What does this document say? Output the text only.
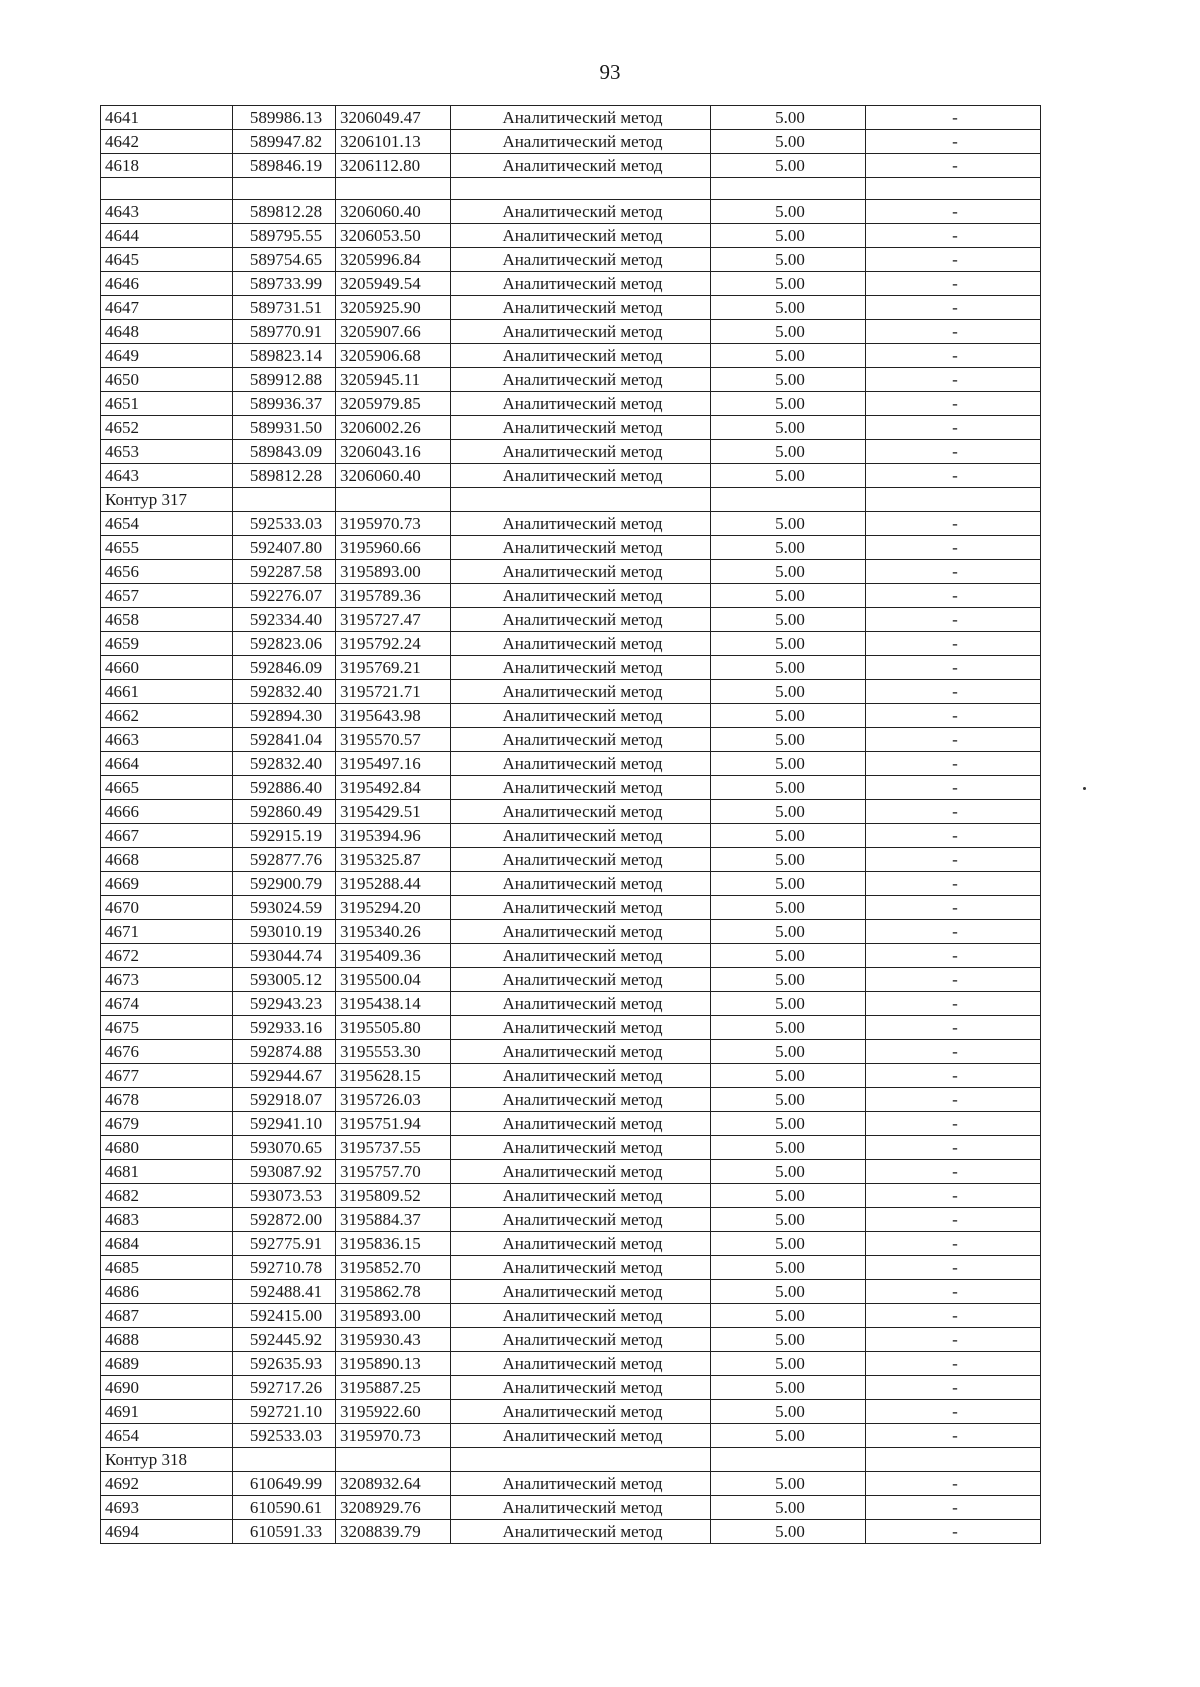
93
4641	589986.13	3206049.47	Аналитический метод	5.00	-
4642	589947.82	3206101.13	Аналитический метод	5.00	-
4618	589846.19	3206112.80	Аналитический метод	5.00	-

4643	589812.28	3206060.40	Аналитический метод	5.00	-
4644	589795.55	3206053.50	Аналитический метод	5.00	-
4645	589754.65	3205996.84	Аналитический метод	5.00	-
4646	589733.99	3205949.54	Аналитический метод	5.00	-
4647	589731.51	3205925.90	Аналитический метод	5.00	-
4648	589770.91	3205907.66	Аналитический метод	5.00	-
4649	589823.14	3205906.68	Аналитический метод	5.00	-
4650	589912.88	3205945.11	Аналитический метод	5.00	-
4651	589936.37	3205979.85	Аналитический метод	5.00	-
4652	589931.50	3206002.26	Аналитический метод	5.00	-
4653	589843.09	3206043.16	Аналитический метод	5.00	-
4643	589812.28	3206060.40	Аналитический метод	5.00	-
Контур 317					
4654	592533.03	3195970.73	Аналитический метод	5.00	-
4655	592407.80	3195960.66	Аналитический метод	5.00	-
4656	592287.58	3195893.00	Аналитический метод	5.00	-
4657	592276.07	3195789.36	Аналитический метод	5.00	-
4658	592334.40	3195727.47	Аналитический метод	5.00	-
4659	592823.06	3195792.24	Аналитический метод	5.00	-
4660	592846.09	3195769.21	Аналитический метод	5.00	-
4661	592832.40	3195721.71	Аналитический метод	5.00	-
4662	592894.30	3195643.98	Аналитический метод	5.00	-
4663	592841.04	3195570.57	Аналитический метод	5.00	-
4664	592832.40	3195497.16	Аналитический метод	5.00	-
4665	592886.40	3195492.84	Аналитический метод	5.00	-
4666	592860.49	3195429.51	Аналитический метод	5.00	-
4667	592915.19	3195394.96	Аналитический метод	5.00	-
4668	592877.76	3195325.87	Аналитический метод	5.00	-
4669	592900.79	3195288.44	Аналитический метод	5.00	-
4670	593024.59	3195294.20	Аналитический метод	5.00	-
4671	593010.19	3195340.26	Аналитический метод	5.00	-
4672	593044.74	3195409.36	Аналитический метод	5.00	-
4673	593005.12	3195500.04	Аналитический метод	5.00	-
4674	592943.23	3195438.14	Аналитический метод	5.00	-
4675	592933.16	3195505.80	Аналитический метод	5.00	-
4676	592874.88	3195553.30	Аналитический метод	5.00	-
4677	592944.67	3195628.15	Аналитический метод	5.00	-
4678	592918.07	3195726.03	Аналитический метод	5.00	-
4679	592941.10	3195751.94	Аналитический метод	5.00	-
4680	593070.65	3195737.55	Аналитический метод	5.00	-
4681	593087.92	3195757.70	Аналитический метод	5.00	-
4682	593073.53	3195809.52	Аналитический метод	5.00	-
4683	592872.00	3195884.37	Аналитический метод	5.00	-
4684	592775.91	3195836.15	Аналитический метод	5.00	-
4685	592710.78	3195852.70	Аналитический метод	5.00	-
4686	592488.41	3195862.78	Аналитический метод	5.00	-
4687	592415.00	3195893.00	Аналитический метод	5.00	-
4688	592445.92	3195930.43	Аналитический метод	5.00	-
4689	592635.93	3195890.13	Аналитический метод	5.00	-
4690	592717.26	3195887.25	Аналитический метод	5.00	-
4691	592721.10	3195922.60	Аналитический метод	5.00	-
4654	592533.03	3195970.73	Аналитический метод	5.00	-
Контур 318					
4692	610649.99	3208932.64	Аналитический метод	5.00	-
4693	610590.61	3208929.76	Аналитический метод	5.00	-
4694	610591.33	3208839.79	Аналитический метод	5.00	-
